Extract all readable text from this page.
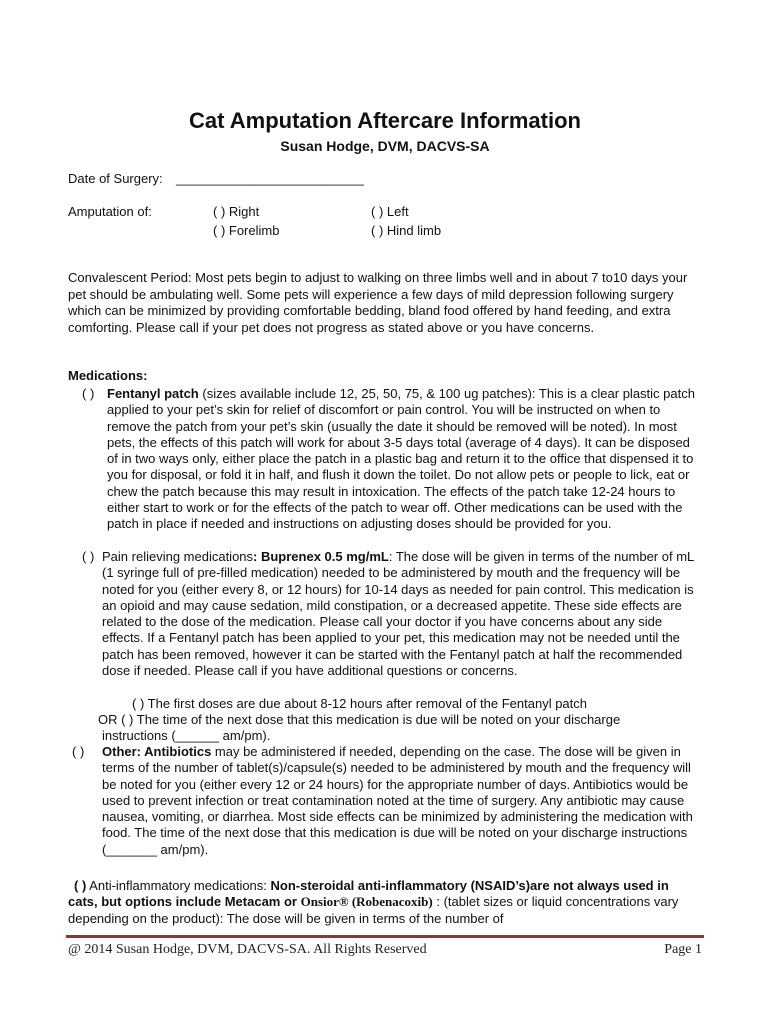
Cat Amputation Aftercare Information
Susan Hodge, DVM, DACVS-SA
Date of Surgery: __________________________
Amputation of:	( ) Right	( ) Left
( ) Forelimb	( ) Hind limb

Convalescent Period: Most pets begin to adjust to walking on three limbs well and in about 7 to10 days your pet should be ambulating well. Some pets will experience a few days of mild depression following surgery which can be minimized by providing comfortable bedding, bland food offered by hand feeding, and extra comforting. Please call if your pet does not progress as stated above or you have concerns.

Medications:

( ) Fentanyl patch (sizes available include 12, 25, 50, 75, & 100 ug patches): This is a clear plastic patch applied to your pet’s skin for relief of discomfort or pain control. You will be instructed on when to remove the patch from your pet’s skin (usually the date it should be removed will be noted). In most pets, the effects of this patch will work for about 3-5 days total (average of 4 days). It can be disposed of in two ways only, either place the patch in a plastic bag and return it to the office that dispensed it to you for disposal, or fold it in half, and flush it down the toilet. Do not allow pets or people to lick, eat or chew the patch because this may result in intoxication. The effects of the patch take 12-24 hours to either start to work or for the effects of the patch to wear off. Other medications can be used with the patch in place if needed and instructions on adjusting doses should be provided for you.

( ) Pain relieving medications: Buprenex 0.5 mg/mL: The dose will be given in terms of the number of mL (1 syringe full of pre-filled medication) needed to be administered by mouth and the frequency will be noted for you (either every 8, or 12 hours) for 10-14 days as needed for pain control. This medication is an opioid and may cause sedation, mild constipation, or a decreased appetite. These side effects are related to the dose of the medication. Please call your doctor if you have concerns about any side effects. If a Fentanyl patch has been applied to your pet, this medication may not be needed until the patch has been removed, however it can be started with the Fentanyl patch at half the recommended dose if needed. Please call if you have additional questions or concerns.

( ) The first doses are due about 8-12 hours after removal of the Fentanyl patch
OR ( ) The time of the next dose that this medication is due will be noted on your discharge
instructions (______ am/pm).

( )	Other: Antibiotics may be administered if needed, depending on the case. The dose will be given in terms of the number of tablet(s)/capsule(s) needed to be administered by mouth and the frequency will be noted for you (either every 12 or 24 hours) for the appropriate number of days. Antibiotics would be used to prevent infection or treat contamination noted at the time of surgery. Any antibiotic may cause nausea, vomiting, or diarrhea. Most side effects can be minimized by administering the medication with food. The time of the next dose that this medication is due will be noted on your discharge instructions (_______ am/pm).

( ) Anti-inflammatory medications: Non-steroidal anti-inflammatory (NSAID’s)are not always used in cats, but options include Metacam or Onsior® (Robenacoxib) : (tablet sizes or liquid concentrations vary depending on the product): The dose will be given in terms of the number of

@ 2014 Susan Hodge, DVM, DACVS-SA. All Rights Reserved	Page 1
